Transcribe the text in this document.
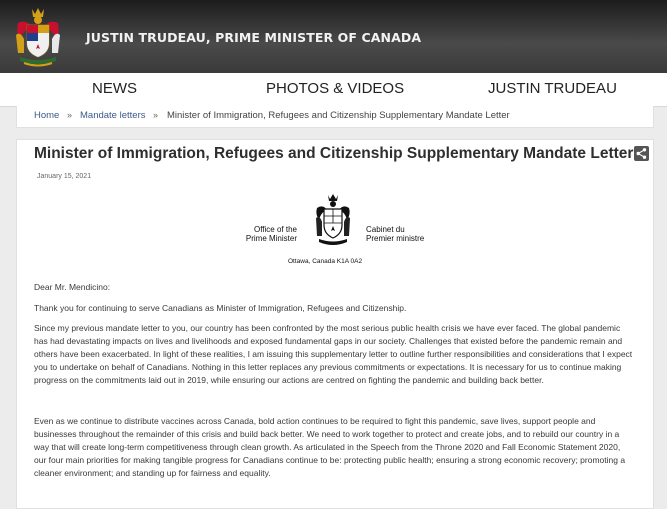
JUSTIN TRUDEAU, PRIME MINISTER OF CANADA
NEWS	PHOTOS & VIDEOS	JUSTIN TRUDEAU
Home » Mandate letters » Minister of Immigration, Refugees and Citizenship Supplementary Mandate Letter
Minister of Immigration, Refugees and Citizenship Supplementary Mandate Letter
January 15, 2021
Office of the
Prime Minister
Cabinet du
Premier ministre
Ottawa, Canada K1A 0A2
Dear Mr. Mendicino:
Thank you for continuing to serve Canadians as Minister of Immigration, Refugees and Citizenship.
Since my previous mandate letter to you, our country has been confronted by the most serious public health crisis we have ever faced. The global pandemic has had devastating impacts on lives and livelihoods and exposed fundamental gaps in our society. Challenges that existed before the pandemic remain and others have been exacerbated. In light of these realities, I am issuing this supplementary letter to outline further responsibilities and considerations that I expect you to undertake on behalf of Canadians. Nothing in this letter replaces any previous commitments or expectations. It is necessary for us to continue making progress on the commitments laid out in 2019, while ensuring our actions are centred on fighting the pandemic and building back better.
Even as we continue to distribute vaccines across Canada, bold action continues to be required to fight this pandemic, save lives, support people and businesses throughout the remainder of this crisis and build back better. We need to work together to protect and create jobs, and to rebuild our country in a way that will create long-term competitiveness through clean growth. As articulated in the Speech from the Throne 2020 and Fall Economic Statement 2020, our four main priorities for making tangible progress for Canadians continue to be: protecting public health; ensuring a strong economic recovery; promoting a cleaner environment; and standing up for fairness and equality.
